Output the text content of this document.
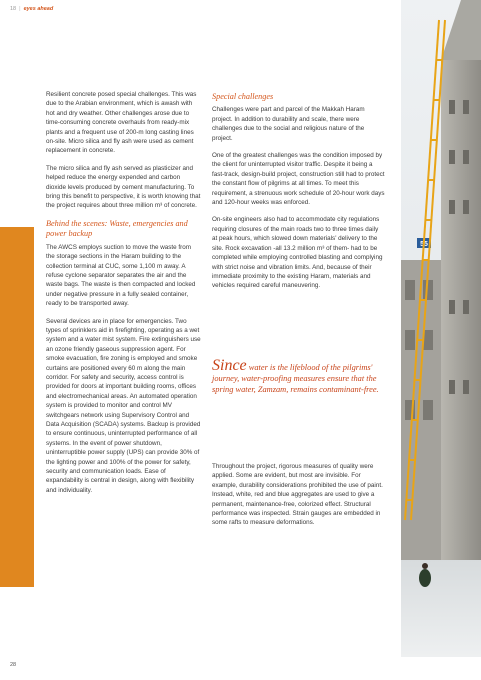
18 | eyes ahead

Resilient concrete posed special challenges. This was due to the Arabian environment, which is awash with hot and dry weather. Other challenges arose due to time-consuming concrete overhauls from ready-mix plants and a frequent use of 200-m long casting lines on-site. Micro silica and fly ash were used as cement replacement in concrete.

The micro silica and fly ash served as plasticizer and helped reduce the energy expended and carbon dioxide levels produced by cement manufacturing. To bring this benefit to perspective, it is worth knowing that the project requires about three million m³ of concrete.

Behind the scenes: Waste, emergencies and power backup

The AWCS employs suction to move the waste from the storage sections in the Haram building to the collection terminal at CUC, some 1,100 m away. A refuse cyclone separator separates the air and the waste bags. The waste is then compacted and locked under negative pressure in a fully sealed container, ready to be transported away.

Several devices are in place for emergencies. Two types of sprinklers aid in firefighting, operating as a wet system and a water mist system. Fire extinguishers use an ozone friendly gaseous suppression agent. For smoke evacuation, fire zoning is employed and smoke curtains are positioned every 60 m along the main corridor. For safety and security, access control is provided for doors at important building rooms, offices and electromechanical areas. An automated operation system is provided to monitor and control MV switchgears network using Supervisory Control and Data Acquisition (SCADA) systems. Backup is provided to ensure continuous, uninterrupted performance of all systems. In the event of power shutdown, uninterruptible power supply (UPS) can provide 30% of the lighting power and 100% of the power for safety, security and communication loads. Ease of expandability is central in design, along with flexibility and individuality.

Special challenges

Challenges were part and parcel of the Makkah Haram project. In addition to durability and scale, there were challenges due to the social and religious nature of the project.

One of the greatest challenges was the condition imposed by the client for uninterrupted visitor traffic. Despite it being a fast-track, design-build project, construction still had to protect the constant flow of pilgrims at all times. To meet this requirement, a strenuous work schedule of 20-hour work days and 120-hour weeks was enforced.

On-site engineers also had to accommodate city regulations requiring closures of the main roads two to three times daily at peak hours, which slowed down materials' delivery to the site. Rock excavation -all 13.2 million m³ of them- had to be completed while employing controlled blasting and complying with strict noise and vibration limits. And, because of their immediate proximity to the existing Haram, materials and vehicles required careful maneuvering.

Since water is the lifeblood of the pilgrims' journey, water-proofing measures ensure that the spring water, Zamzam, remains contaminant-free.

Throughout the project, rigorous measures of quality were applied. Some are evident, but most are invisible. For example, durability considerations prohibited the use of paint. Instead, white, red and blue aggregates are used to give a permanent, maintenance-free, colorized effect. Structural performance was inspected. Strain gauges are embedded in some rafts to measure deformations.

28
55
